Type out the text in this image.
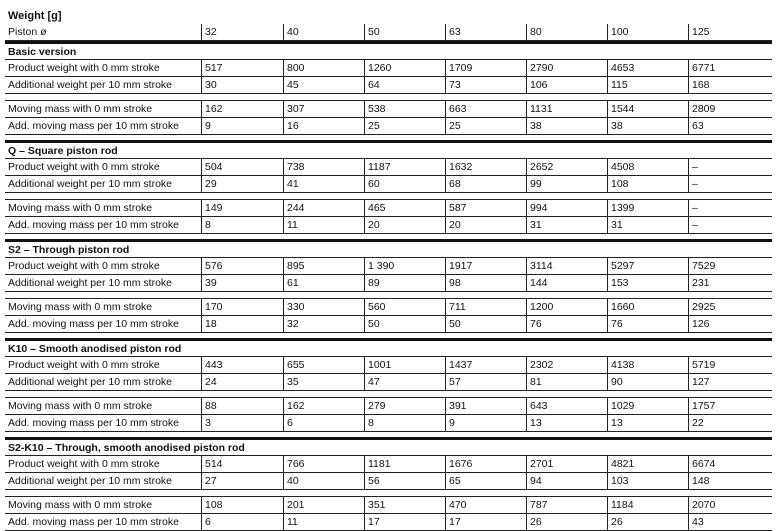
Weight [g]
Piston ø	32	40	50	63	80	100	125
Basic version
Product weight with 0 mm stroke	517	800	1260	1709	2790	4653	6771
Additional weight per 10 mm stroke	30	45	64	73	106	115	168
Moving mass with 0 mm stroke	162	307	538	663	1131	1544	2809
Add. moving mass per 10 mm stroke	9	16	25	25	38	38	63
Q – Square piston rod
Product weight with 0 mm stroke	504	738	1187	1632	2652	4508	–
Additional weight per 10 mm stroke	29	41	60	68	99	108	–
Moving mass with 0 mm stroke	149	244	465	587	994	1399	–
Add. moving mass per 10 mm stroke	8	11	20	20	31	31	–
S2 – Through piston rod
Product weight with 0 mm stroke	576	895	1 390	1917	3114	5297	7529
Additional weight per 10 mm stroke	39	61	89	98	144	153	231
Moving mass with 0 mm stroke	170	330	560	711	1200	1660	2925
Add. moving mass per 10 mm stroke	18	32	50	50	76	76	126
K10 – Smooth anodised piston rod
Product weight with 0 mm stroke	443	655	1001	1437	2302	4138	5719
Additional weight per 10 mm stroke	24	35	47	57	81	90	127
Moving mass with 0 mm stroke	88	162	279	391	643	1029	1757
Add. moving mass per 10 mm stroke	3	6	8	9	13	13	22
S2-K10 – Through, smooth anodised piston rod
Product weight with 0 mm stroke	514	766	1181	1676	2701	4821	6674
Additional weight per 10 mm stroke	27	40	56	65	94	103	148
Moving mass with 0 mm stroke	108	201	351	470	787	1184	2070
Add. moving mass per 10 mm stroke	6	11	17	17	26	26	43
